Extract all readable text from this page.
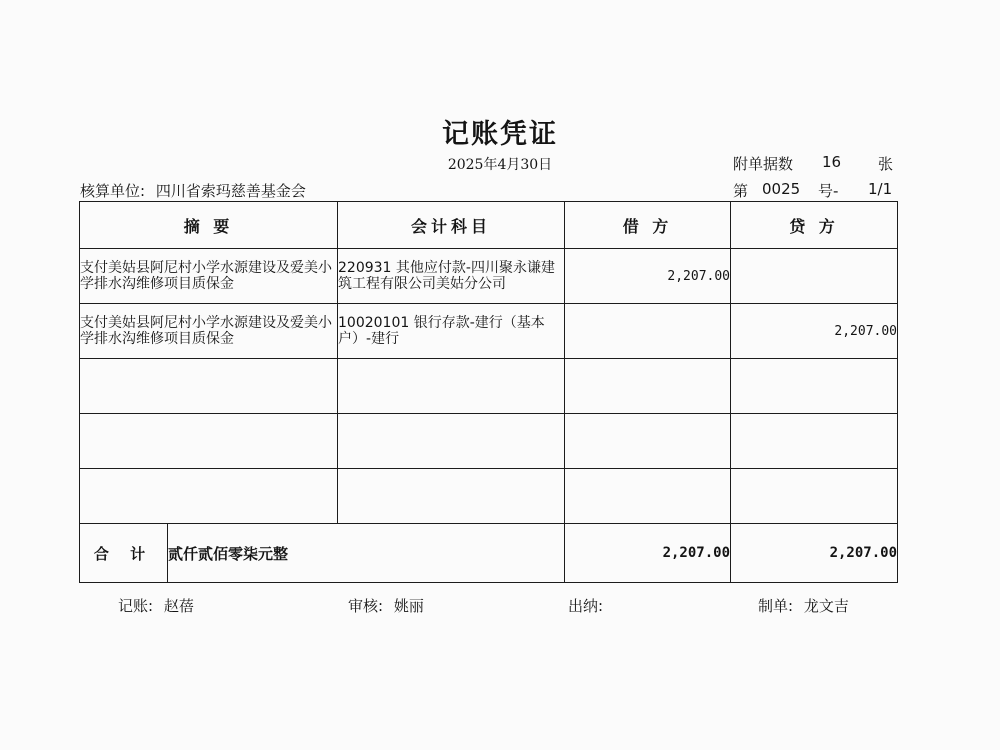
记账凭证
2025年4月30日	附单据数 16 张
核算单位: 四川省索玛慈善基金会	第 0025 号- 1/1
摘 要		会计科目	借 方	贷 方
支付美姑县阿尼村小学水源建设及爱美小学排水沟维修项目质保金		220931 其他应付款-四川聚永谦建筑工程有限公司美姑分公司	2,207.00	
支付美姑县阿尼村小学水源建设及爱美小学排水沟维修项目质保金		10020101 银行存款-建行（基本户）-建行		2,207.00

合 计	贰仟贰佰零柒元整		2,207.00	2,207.00
记账: 赵蓓	审核: 姚丽	出纳:	制单: 龙文吉
